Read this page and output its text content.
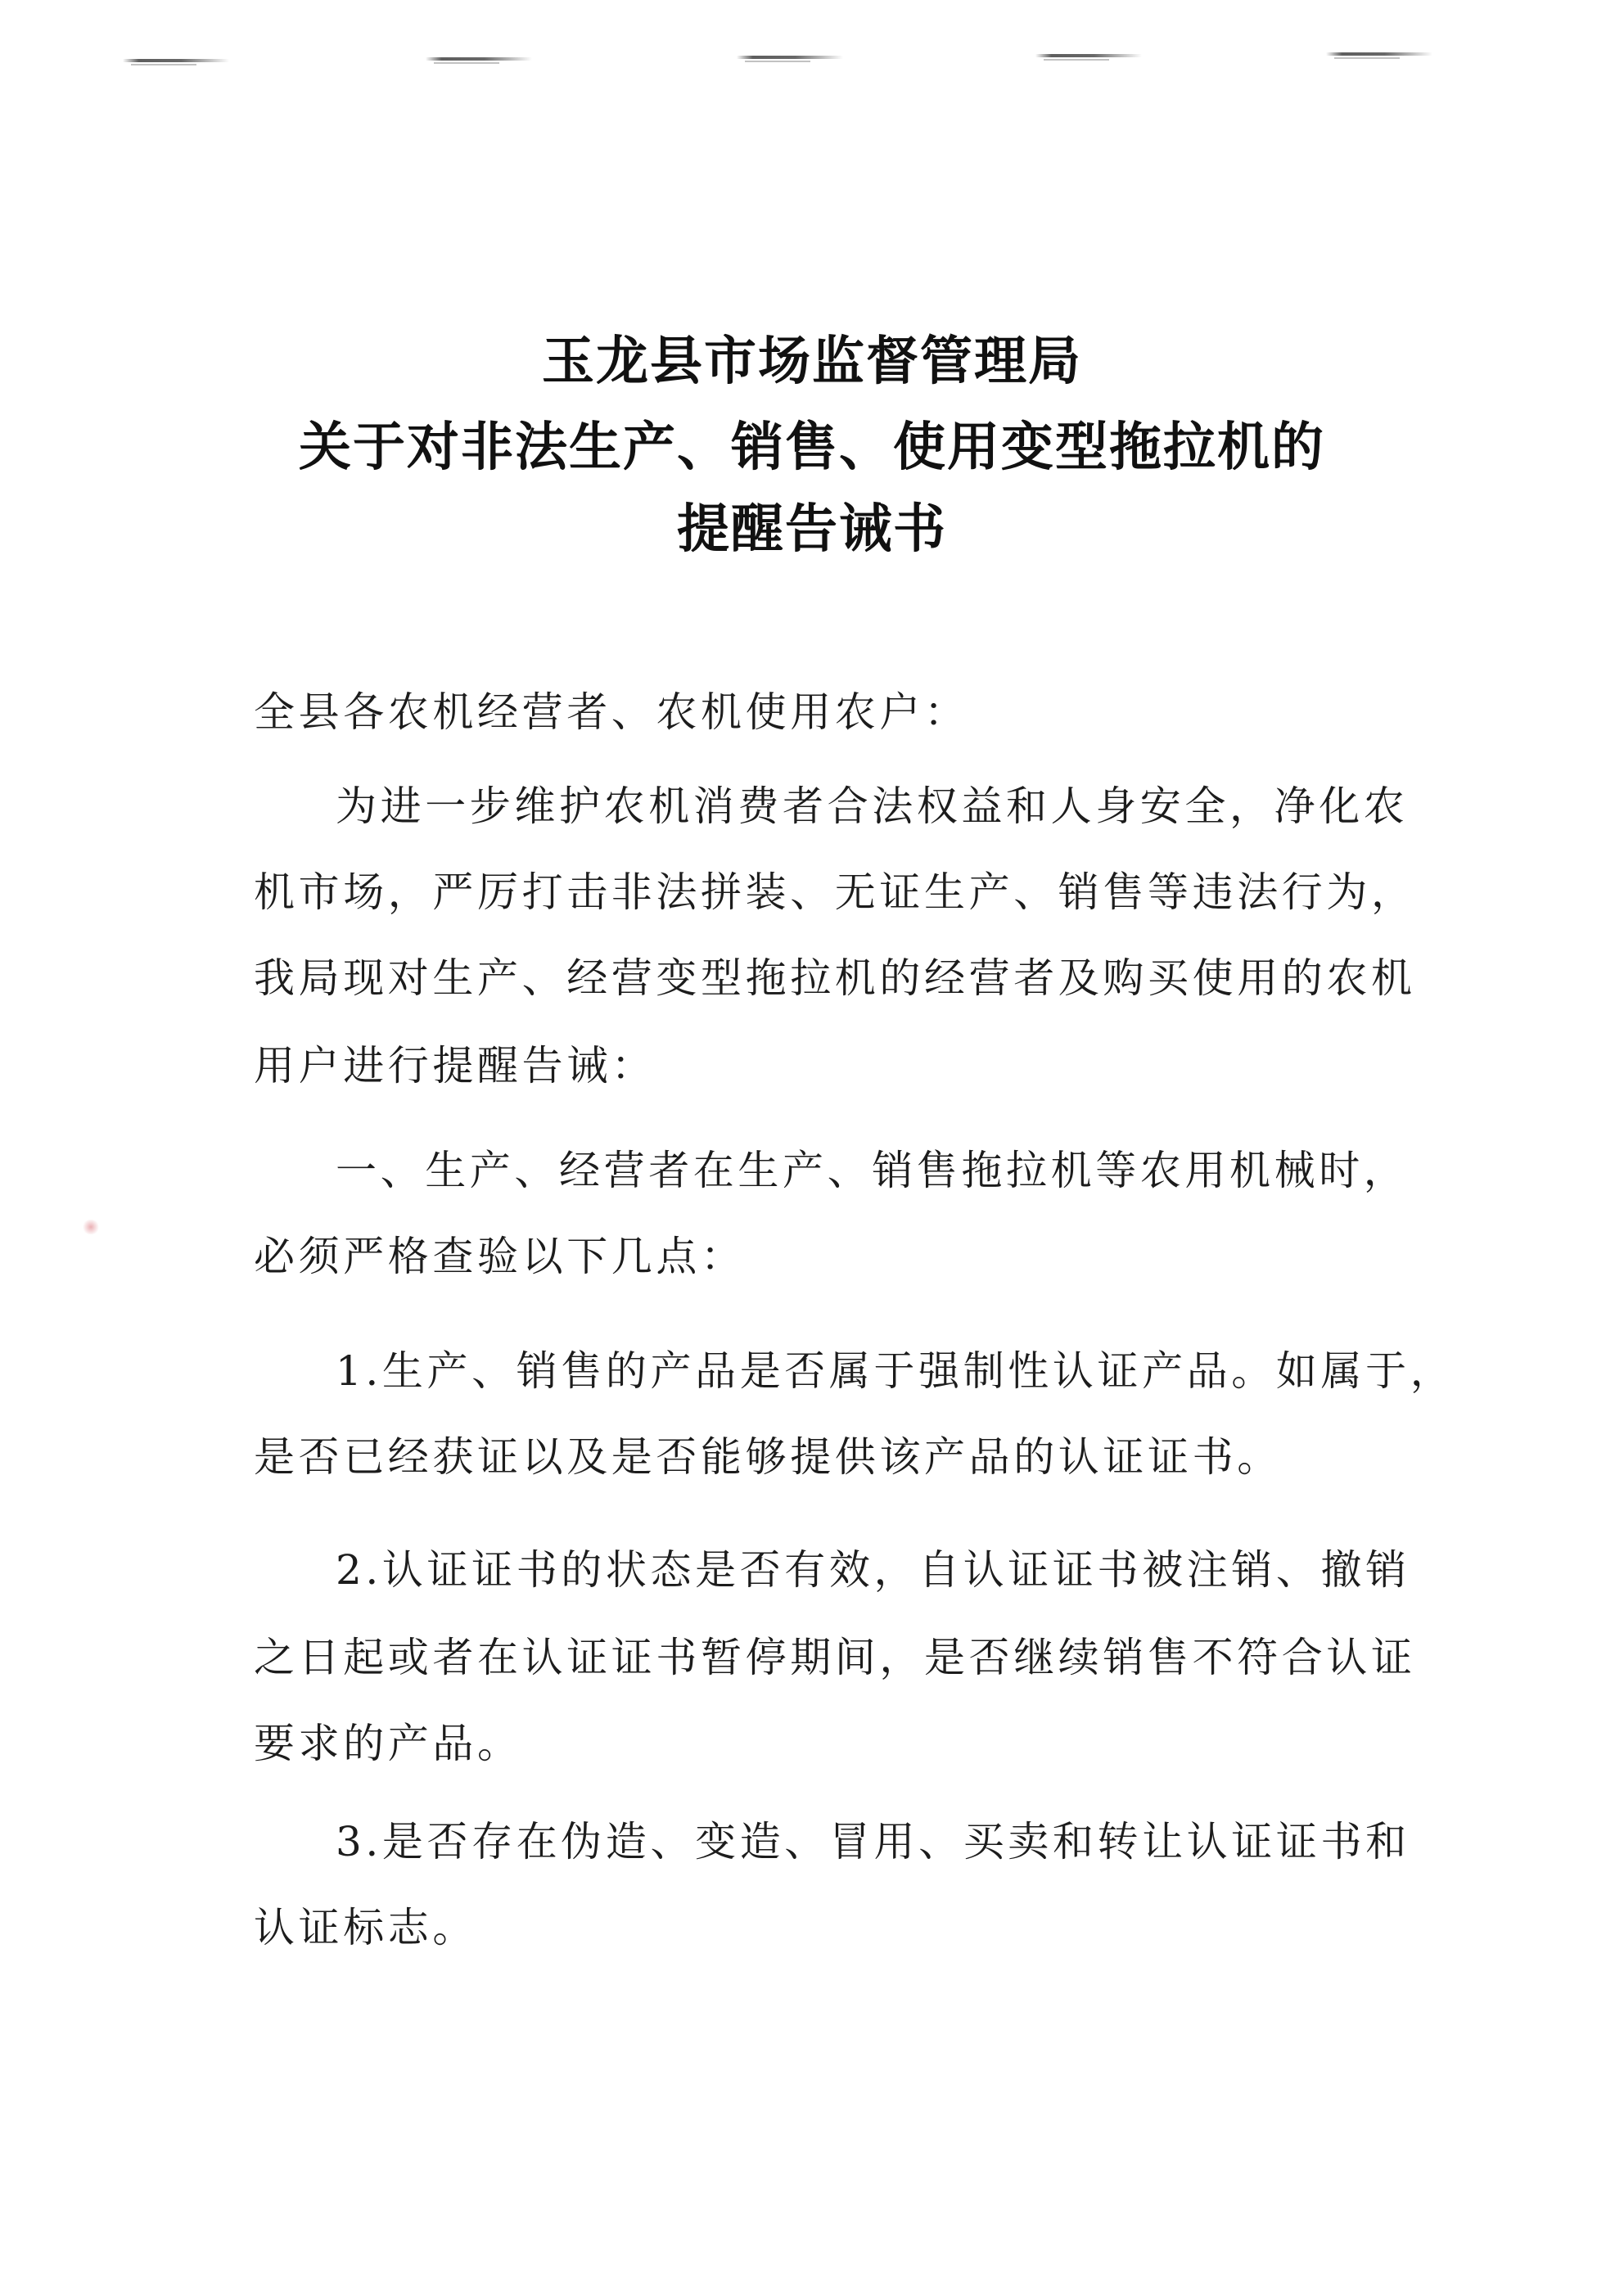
玉龙县市场监督管理局
关于对非法生产、销售、使用变型拖拉机的
提醒告诫书
全县各农机经营者、农机使用农户：
为进一步维护农机消费者合法权益和人身安全，净化农
机市场，严厉打击非法拼装、无证生产、销售等违法行为，
我局现对生产、经营变型拖拉机的经营者及购买使用的农机
用户进行提醒告诫：
一、生产、经营者在生产、销售拖拉机等农用机械时，
必须严格查验以下几点：
1.生产、销售的产品是否属于强制性认证产品。如属于，
是否已经获证以及是否能够提供该产品的认证证书。
2.认证证书的状态是否有效，自认证证书被注销、撤销
之日起或者在认证证书暂停期间，是否继续销售不符合认证
要求的产品。
3.是否存在伪造、变造、冒用、买卖和转让认证证书和
认证标志。
